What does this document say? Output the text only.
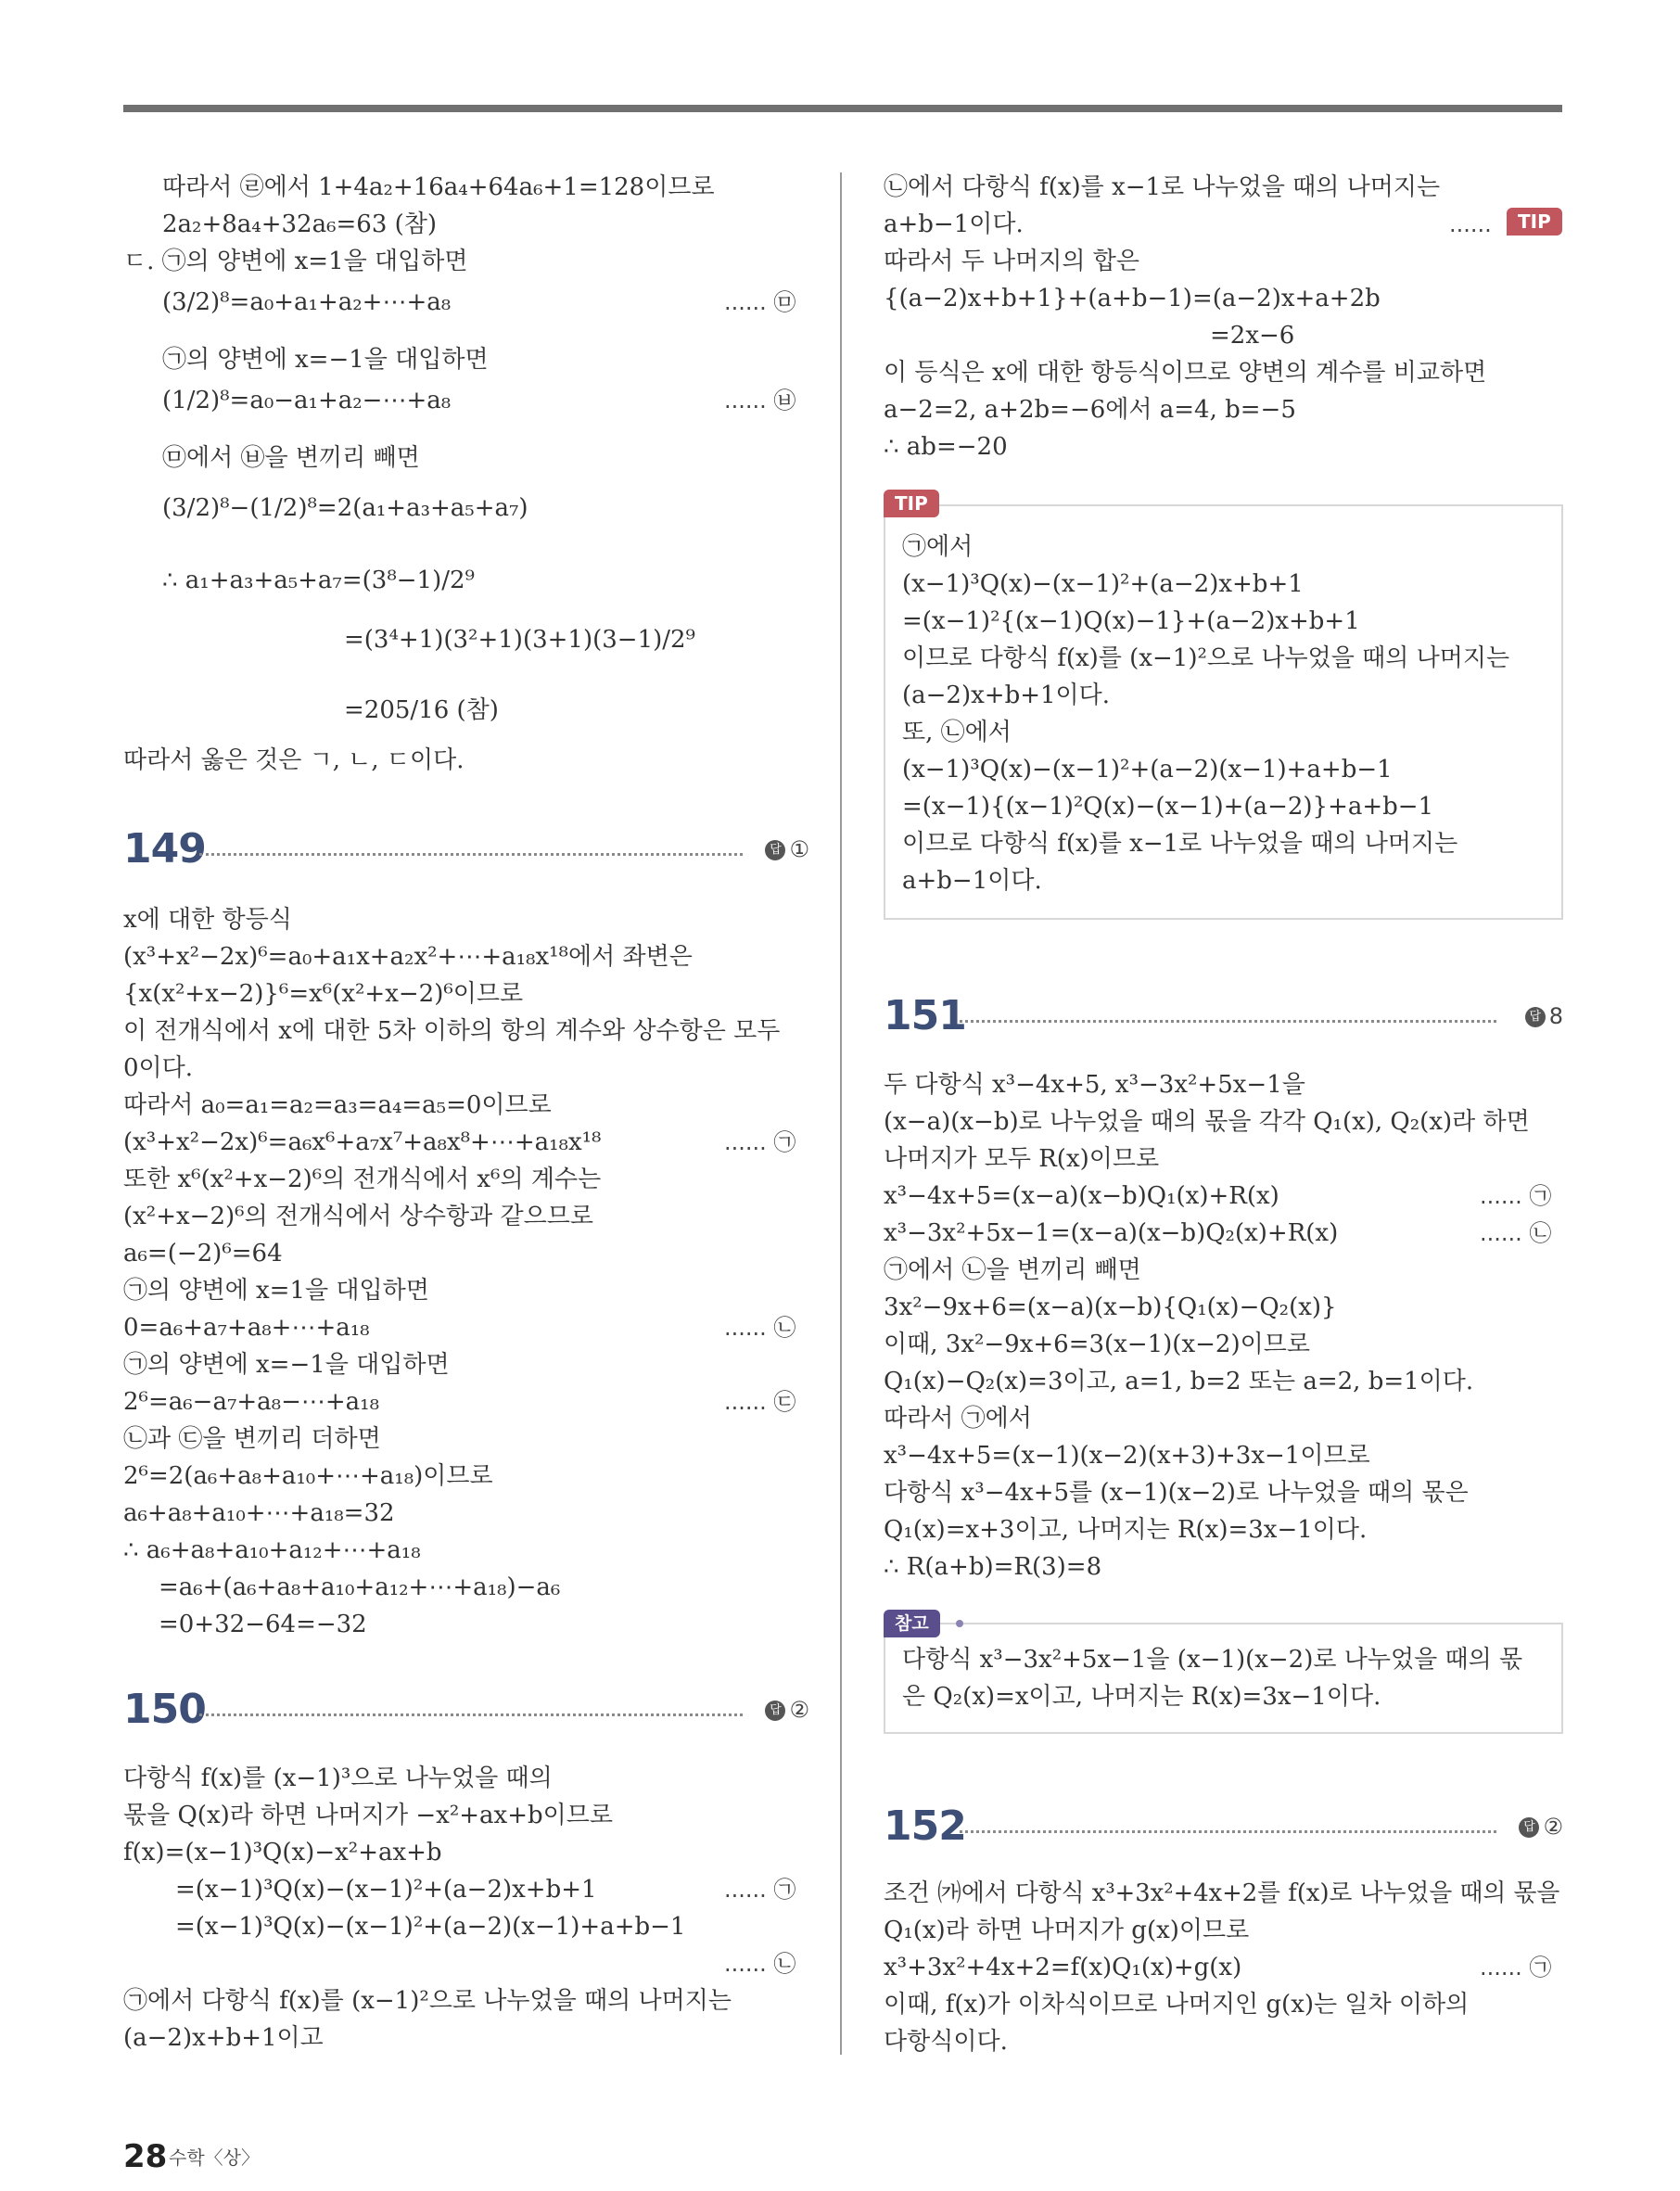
따라서 ㉣에서 1+4a₂+16a₄+64a₆+1=128이므로
2a₂+8a₄+32a₆=63 (참)
ㄷ. ㉠의 양변에 x=1을 대입하면
(3/2)⁸=a₀+a₁+a₂+⋯+a₈	...... ㉤
㉠의 양변에 x=−1을 대입하면
(1/2)⁸=a₀−a₁+a₂−⋯+a₈	...... ㉥
㉤에서 ㉥을 변끼리 빼면
(3/2)⁸−(1/2)⁸=2(a₁+a₃+a₅+a₇)
∴ a₁+a₃+a₅+a₇=(3⁸−1)/2⁹
=(3⁴+1)(3²+1)(3+1)(3−1)/2⁹
=205/16 (참)
따라서 옳은 것은 ㄱ, ㄴ, ㄷ이다.
149	답 ①
x에 대한 항등식
(x³+x²−2x)⁶=a₀+a₁x+a₂x²+⋯+a₁₈x¹⁸에서 좌변은
{x(x²+x−2)}⁶=x⁶(x²+x−2)⁶이므로
이 전개식에서 x에 대한 5차 이하의 항의 계수와 상수항은 모두
0이다.
따라서 a₀=a₁=a₂=a₃=a₄=a₅=0이므로
(x³+x²−2x)⁶=a₆x⁶+a₇x⁷+a₈x⁸+⋯+a₁₈x¹⁸	...... ㉠
또한 x⁶(x²+x−2)⁶의 전개식에서 x⁶의 계수는
(x²+x−2)⁶의 전개식에서 상수항과 같으므로
a₆=(−2)⁶=64
㉠의 양변에 x=1을 대입하면
0=a₆+a₇+a₈+⋯+a₁₈	...... ㉡
㉠의 양변에 x=−1을 대입하면
2⁶=a₆−a₇+a₈−⋯+a₁₈	...... ㉢
㉡과 ㉢을 변끼리 더하면
2⁶=2(a₆+a₈+a₁₀+⋯+a₁₈)이므로
a₆+a₈+a₁₀+⋯+a₁₈=32
∴ a₆+a₈+a₁₀+a₁₂+⋯+a₁₈
=a₆+(a₆+a₈+a₁₀+a₁₂+⋯+a₁₈)−a₆
=0+32−64=−32
150	답 ②
다항식 f(x)를 (x−1)³으로 나누었을 때의
몫을 Q(x)라 하면 나머지가 −x²+ax+b이므로
f(x)=(x−1)³Q(x)−x²+ax+b
=(x−1)³Q(x)−(x−1)²+(a−2)x+b+1	...... ㉠
=(x−1)³Q(x)−(x−1)²+(a−2)(x−1)+a+b−1
...... ㉡
㉠에서 다항식 f(x)를 (x−1)²으로 나누었을 때의 나머지는
(a−2)x+b+1이고
㉡에서 다항식 f(x)를 x−1로 나누었을 때의 나머지는
a+b−1이다.	......	TIP
따라서 두 나머지의 합은
{(a−2)x+b+1}+(a+b−1)=(a−2)x+a+2b
=2x−6
이 등식은 x에 대한 항등식이므로 양변의 계수를 비교하면
a−2=2, a+2b=−6에서 a=4, b=−5
∴ ab=−20
㉠에서
(x−1)³Q(x)−(x−1)²+(a−2)x+b+1
=(x−1)²{(x−1)Q(x)−1}+(a−2)x+b+1
이므로 다항식 f(x)를 (x−1)²으로 나누었을 때의 나머지는
(a−2)x+b+1이다.
또, ㉡에서
(x−1)³Q(x)−(x−1)²+(a−2)(x−1)+a+b−1
=(x−1){(x−1)²Q(x)−(x−1)+(a−2)}+a+b−1
이므로 다항식 f(x)를 x−1로 나누었을 때의 나머지는
a+b−1이다.
TIP
151	답 8
두 다항식 x³−4x+5, x³−3x²+5x−1을
(x−a)(x−b)로 나누었을 때의 몫을 각각 Q₁(x), Q₂(x)라 하면
나머지가 모두 R(x)이므로
x³−4x+5=(x−a)(x−b)Q₁(x)+R(x)	...... ㉠
x³−3x²+5x−1=(x−a)(x−b)Q₂(x)+R(x)	...... ㉡
㉠에서 ㉡을 변끼리 빼면
3x²−9x+6=(x−a)(x−b){Q₁(x)−Q₂(x)}
이때, 3x²−9x+6=3(x−1)(x−2)이므로
Q₁(x)−Q₂(x)=3이고, a=1, b=2 또는 a=2, b=1이다.
따라서 ㉠에서
x³−4x+5=(x−1)(x−2)(x+3)+3x−1이므로
다항식 x³−4x+5를 (x−1)(x−2)로 나누었을 때의 몫은
Q₁(x)=x+3이고, 나머지는 R(x)=3x−1이다.
∴ R(a+b)=R(3)=8
다항식 x³−3x²+5x−1을 (x−1)(x−2)로 나누었을 때의 몫
은 Q₂(x)=x이고, 나머지는 R(x)=3x−1이다.
참고
152	답 ②
조건 ㈎에서 다항식 x³+3x²+4x+2를 f(x)로 나누었을 때의 몫을
Q₁(x)라 하면 나머지가 g(x)이므로
x³+3x²+4x+2=f(x)Q₁(x)+g(x)	...... ㉠
이때, f(x)가 이차식이므로 나머지인 g(x)는 일차 이하의
다항식이다.
28 수학〈상〉
